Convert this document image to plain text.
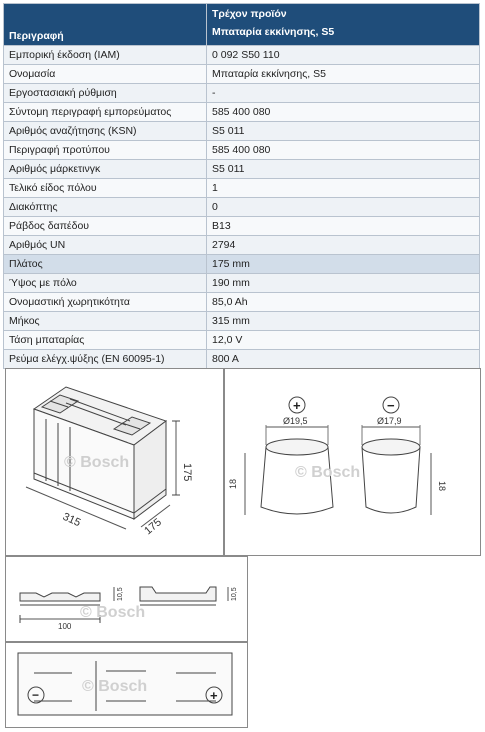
Περιγραφή	Τρέχον προϊόν
Μπαταρία εκκίνησης, S5

Εμπορική έκδοση (IAM)	0 092 S50 110
Ονομασία	Μπαταρία εκκίνησης, S5
Εργοστασιακή ρύθμιση	-
Σύντομη περιγραφή εμπορεύματος	585 400 080
Αριθμός αναζήτησης (KSN)	S5 011
Περιγραφή προτύπου	585 400 080
Αριθμός μάρκετινγκ	S5 011
Τελικό είδος πόλου	1
Διακόπτης	0
Ράβδος δαπέδου	B13
Αριθμός UN	2794
Πλάτος	175 mm
Ύψος με πόλο	190 mm
Ονομαστική χωρητικότητα	85,0 Ah
Μήκος	315 mm
Τάση μπαταρίας	12,0 V
Ρεύμα ελέγχ.ψύξης (EN 60095-1)	800 A
175
315	175
© Bosch
+	−
Ø19,5	Ø17,9
18	18
© Bosch
100
10,5	10,5
© Bosch
−	+
© Bosch
